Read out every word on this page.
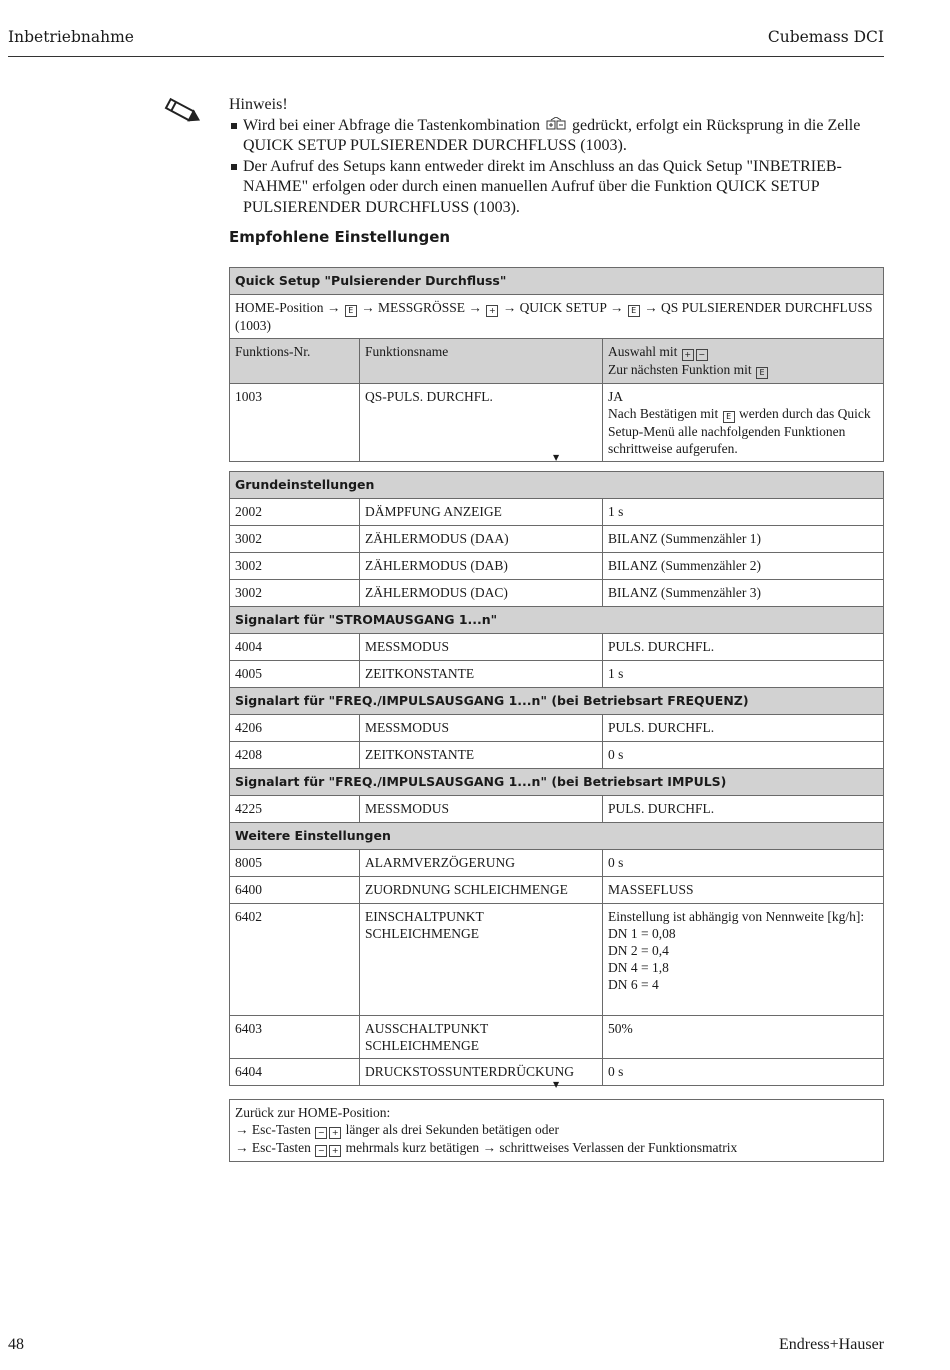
Inbetriebnahme	Cubemass DCI
Hinweis!
Wird bei einer Abfrage die Tastenkombination gedrückt, erfolgt ein Rücksprung in die Zelle QUICK SETUP PULSIERENDER DURCHFLUSS (1003).
Der Aufruf des Setups kann entweder direkt im Anschluss an das Quick Setup "INBETRIEB-NAHME" erfolgen oder durch einen manuellen Aufruf über die Funktion QUICK SETUP PULSIERENDER DURCHFLUSS (1003).
Empfohlene Einstellungen
Quick Setup "Pulsierender Durchfluss"		
HOME-Position → E → MESSGRÖSSE → + → QUICK SETUP → E → QS PULSIERENDER DURCHFLUSS (1003)		
Funktions-Nr.	Funktionsname	Auswahl mit + −
Zur nächsten Funktion mit E
1003	QS-PULS. DURCHFL.	JA
Nach Bestätigen mit E werden durch das Quick Setup-Menü alle nachfolgenden Funktionen schrittweise aufgerufen.
▼
Grundeinstellungen		
2002	DÄMPFUNG ANZEIGE	1 s
3002	ZÄHLERMODUS (DAA)	BILANZ (Summenzähler 1)
3002	ZÄHLERMODUS (DAB)	BILANZ (Summenzähler 2)
3002	ZÄHLERMODUS (DAC)	BILANZ (Summenzähler 3)
Signalart für "STROMAUSGANG 1...n"		
4004	MESSMODUS	PULS. DURCHFL.
4005	ZEITKONSTANTE	1 s
Signalart für "FREQ./IMPULSAUSGANG 1...n" (bei Betriebsart FREQUENZ)		
4206	MESSMODUS	PULS. DURCHFL.
4208	ZEITKONSTANTE	0 s
Signalart für "FREQ./IMPULSAUSGANG 1...n" (bei Betriebsart IMPULS)		
4225	MESSMODUS	PULS. DURCHFL.
Weitere Einstellungen		
8005	ALARMVERZÖGERUNG	0 s
6400	ZUORDNUNG SCHLEICHMENGE	MASSEFLUSS
6402	EINSCHALTPUNKT SCHLEICHMENGE	Einstellung ist abhängig von Nennweite [kg/h]:
DN 1 = 0,08
DN 2 = 0,4
DN 4 = 1,8
DN 6 = 4

6403	AUSSCHALTPUNKT SCHLEICHMENGE	50%
6404	DRUCKSTOSSUNTERDRÜCKUNG	0 s
▼
Zurück zur HOME-Position:
→ Esc-Tasten − + länger als drei Sekunden betätigen oder
→ Esc-Tasten − + mehrmals kurz betätigen → schrittweises Verlassen der Funktionsmatrix
48	Endress+Hauser
